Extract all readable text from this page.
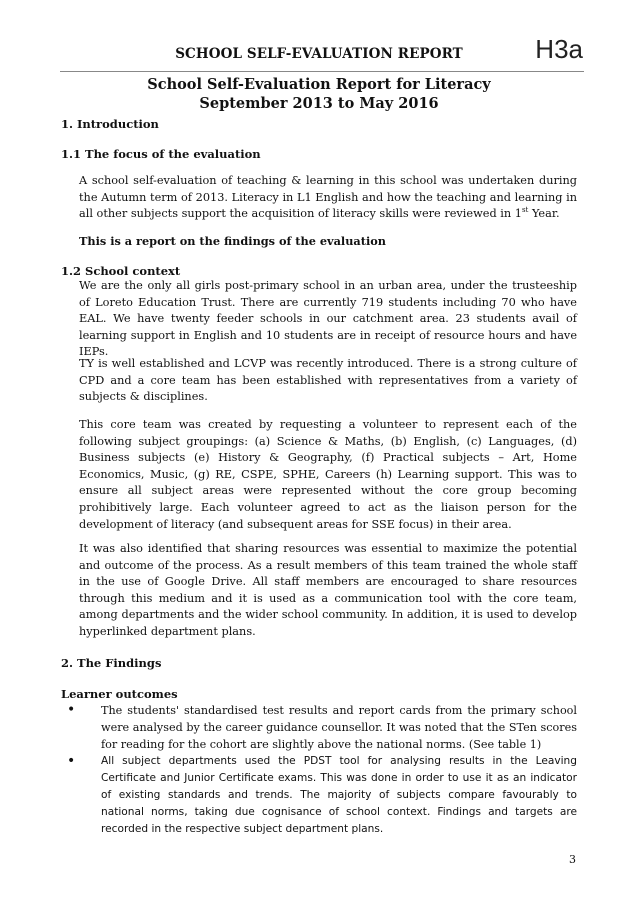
SCHOOL SELF-EVALUATION REPORT	H3a
School Self-Evaluation Report for Literacy
September 2013 to May 2016
1. Introduction
1.1 The focus of the evaluation

A school self-evaluation of teaching & learning in this school was undertaken during the Autumn term of 2013. Literacy in L1 English and how the teaching and learning in all other subjects support the acquisition of literacy skills were reviewed in 1st Year.

This is a report on the findings of the evaluation

1.2 School context

We are the only all girls post-primary school in an urban area, under the trusteeship of Loreto Education Trust. There are currently 719 students including 70 who have EAL. We have twenty feeder schools in our catchment area. 23 students avail of learning support in English and 10 students are in receipt of resource hours and have IEPs.

TY is well established and LCVP was recently introduced. There is a strong culture of CPD and a core team has been established with representatives from a variety of subjects & disciplines.

This core team was created by requesting a volunteer to represent each of the following subject groupings: (a) Science & Maths, (b) English, (c) Languages, (d) Business subjects (e) History & Geography, (f) Practical subjects – Art, Home Economics, Music, (g) RE, CSPE, SPHE, Careers (h) Learning support. This was to ensure all subject areas were represented without the core group becoming prohibitively large. Each volunteer agreed to act as the liaison person for the development of literacy (and subsequent areas for SSE focus) in their area.

It was also identified that sharing resources was essential to maximize the potential and outcome of the process. As a result members of this team trained the whole staff in the use of Google Drive. All staff members are encouraged to share resources through this medium and it is used as a communication tool with the core team, among departments and the wider school community. In addition, it is used to develop hyperlinked department plans.

2. The Findings
Learner outcomes
• The students' standardised test results and report cards from the primary school were analysed by the career guidance counsellor. It was noted that the STen scores for reading for the cohort are slightly above the national norms. (See table 1)
• All subject departments used the PDST tool for analysing results in the Leaving Certificate and Junior Certificate exams. This was done in order to use it as an indicator of existing standards and trends. The majority of subjects compare favourably to national norms, taking due cognisance of school context. Findings and targets are recorded in the respective subject department plans.
3
